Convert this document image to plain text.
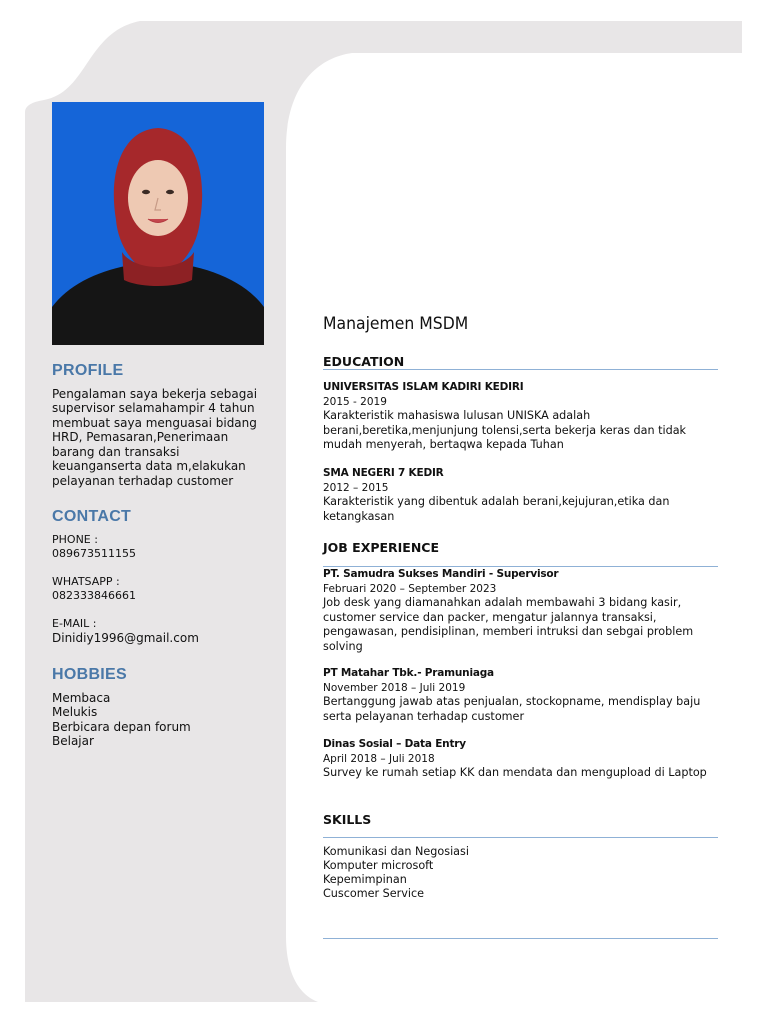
PROFILE

Pengalaman saya bekerja sebagai supervisor selamahampir 4 tahun membuat saya menguasai bidang HRD, Pemasaran,Penerimaan barang dan transaksi keuanganserta data m,elakukan pelayanan terhadap customer

CONTACT
PHONE :
089673511155
WHATSAPP :
082333846661
E-MAIL :
Dinidiy1996@gmail.com
HOBBIES
Membaca
Melukis
Berbicara depan forum
Belajar
Manajemen MSDM
EDUCATION
UNIVERSITAS ISLAM KADIRI KEDIRI
2015 - 2019
Karakteristik mahasiswa lulusan UNISKA adalah berani,beretika,menjunjung tolensi,serta bekerja keras dan tidak mudah menyerah, bertaqwa kepada Tuhan
SMA NEGERI 7 KEDIR
2012 – 2015
Karakteristik yang dibentuk adalah berani,kejujuran,etika dan ketangkasan
JOB EXPERIENCE
PT. Samudra Sukses Mandiri - Supervisor
Februari 2020 – September 2023
Job desk yang diamanahkan adalah membawahi 3 bidang kasir, customer service dan packer, mengatur jalannya transaksi, pengawasan, pendisiplinan, memberi intruksi dan sebgai problem solving
PT Matahar Tbk.- Pramuniaga
November 2018 – Juli 2019
Bertanggung jawab atas penjualan, stockopname, mendisplay baju serta pelayanan terhadap customer
Dinas Sosial – Data Entry
April 2018 – Juli 2018
Survey ke rumah setiap KK dan mendata dan mengupload di Laptop
SKILLS
Komunikasi dan Negosiasi
Komputer microsoft
Kepemimpinan
Cuscomer Service
